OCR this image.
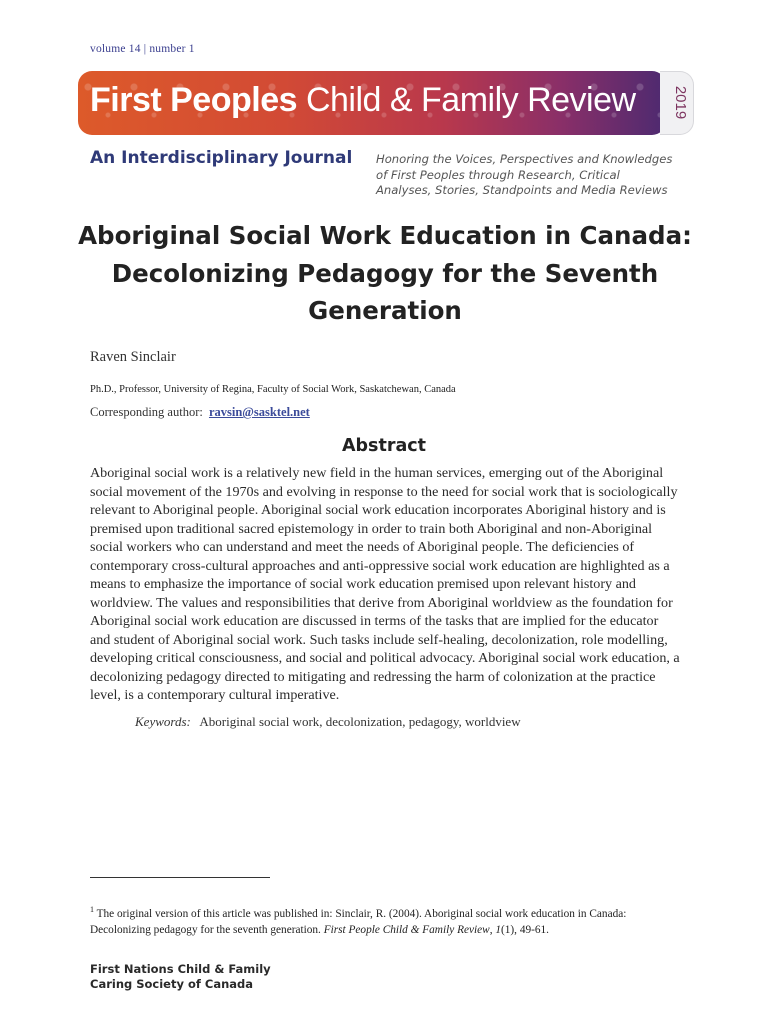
volume 14 | number 1
First Peoples Child & Family Review 2019
An Interdisciplinary Journal Honoring the Voices, Perspectives and Knowledges of First Peoples through Research, Critical Analyses, Stories, Standpoints and Media Reviews
Aboriginal Social Work Education in Canada: Decolonizing Pedagogy for the Seventh Generation
Raven Sinclair
Ph.D., Professor, University of Regina, Faculty of Social Work, Saskatchewan, Canada
Corresponding author: ravsin@sasktel.net
Abstract
Aboriginal social work is a relatively new field in the human services, emerging out of the Aboriginal social movement of the 1970s and evolving in response to the need for social work that is sociologically relevant to Aboriginal people. Aboriginal social work education incorporates Aboriginal history and is premised upon traditional sacred epistemology in order to train both Aboriginal and non-Aboriginal social workers who can understand and meet the needs of Aboriginal people. The deficiencies of contemporary cross-cultural approaches and anti-oppressive social work education are highlighted as a means to emphasize the importance of social work education premised upon relevant history and worldview. The values and responsibilities that derive from Aboriginal worldview as the foundation for Aboriginal social work education are discussed in terms of the tasks that are implied for the educator and student of Aboriginal social work. Such tasks include self-healing, decolonization, role modelling, developing critical consciousness, and social and political advocacy. Aboriginal social work education, a decolonizing pedagogy directed to mitigating and redressing the harm of colonization at the practice level, is a contemporary cultural imperative.
Keywords: Aboriginal social work, decolonization, pedagogy, worldview
$^1$ The original version of this article was published in: Sinclair, R. (2004). Aboriginal social work education in Canada: Decolonizing pedagogy for the seventh generation. First People Child & Family Review, 1(1), 49-61.
First Nations Child & Family
Caring Society of Canada
